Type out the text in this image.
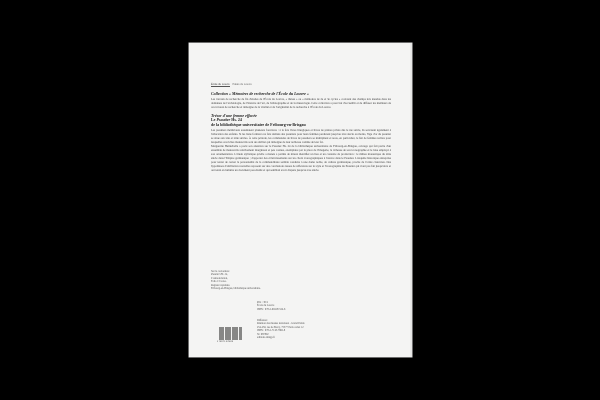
École du Louvre Palais du Louvre
Collection « Mémoires de recherche de l'École du Louvre »

Les travaux de recherche de fin d'études de l'École du Louvre, « thèses » ou « mémoires de 2e et 3e cycles » couvrent des champs très étendus dans les domaines de l'archéologie, de l'histoire de l'art, de l'ethnographie et de la muséologie. Cette collection a pour but d'accueillir et de diffuser les meilleurs de ces travaux de recherche et témoigne de la vitalité et de l'originalité de la recherche à l'École du Louvre.

Trésor d'une femme effacée
Le Psautier Hs. 24
de la bibliothèque universitaire de Fribourg-en-Brisgau

Les psautiers médiévaux assumaient plusieurs fonctions : à la fois livres liturgiques et livres de prières privés dès le xie siècle, ils servaient également à l'éducation des enfants. Si les liens formant ces fais réalisés des psautiers pour leurs femmes perdurent jusqu'au xive siècle au moins, l'âge d'or du psautier se situe aux xiie et xiiie siècles. À cette période, les commandes de livres de psautiers se multiplient et nous, en particulier, le fait de femmes nobles pour lesquelles ces riches manuscrits sont un attribut qui témoigne de leur noblesse comme de leur foi.

Marguerite Heintzbelle a porté son attention sur le Psautier Hs. 24 de la bibliothèque universitaire de Fribourg-en-Brisgau, ouvrage qui fait partie d'un ensemble de manuscrits relativement marginaux et peu connus, exemplaire par la place de l'imagerie, la richesse de son iconographie et le luxe employé à son ornementation. L'étude stylistique qu'elle a menée a permis de mieux identifier un lieu et un contexte de production : le milieu monastique du xiiie siècle dans l'Empire germanique ; d'apporter des éclaircissements sur les choix iconographiques à l'œuvre dans le Psautier. L'enquête historique entreprise pour tenter de cerner la personnalité de la commanditaire semble conduire à une dame noble, de culture germanique, proche de l'ordre cistercien. Des hypothèses d'attribution nouvelles reposent sur des conclusions issues de réflexions sur le style et l'iconographie du Psautier qui n'ont pas fait jusqu'alors et ont tenté en lumière un document peu étudié et qui semblait avoir disparu jusqu'au xxe siècle.

Sur la couverture :
Psautier Hs. 24,
L'Annonciation,
Folio 13 verso.
Register rapidaire.
Fribourg-en-Brisgau, bibliothèque universitaire.
Prix : 30 €
École du Louvre
ISBN : 978-2-904187-64-6
Diffusion :
Réunion des musées nationaux - Grand Palais
254-256, rue de Bercy, 75577 Paris cedex 12
ISBN : 978-2-7118-7862-8
SC 987802
editions.rmngp.fr
9 782711 878628
